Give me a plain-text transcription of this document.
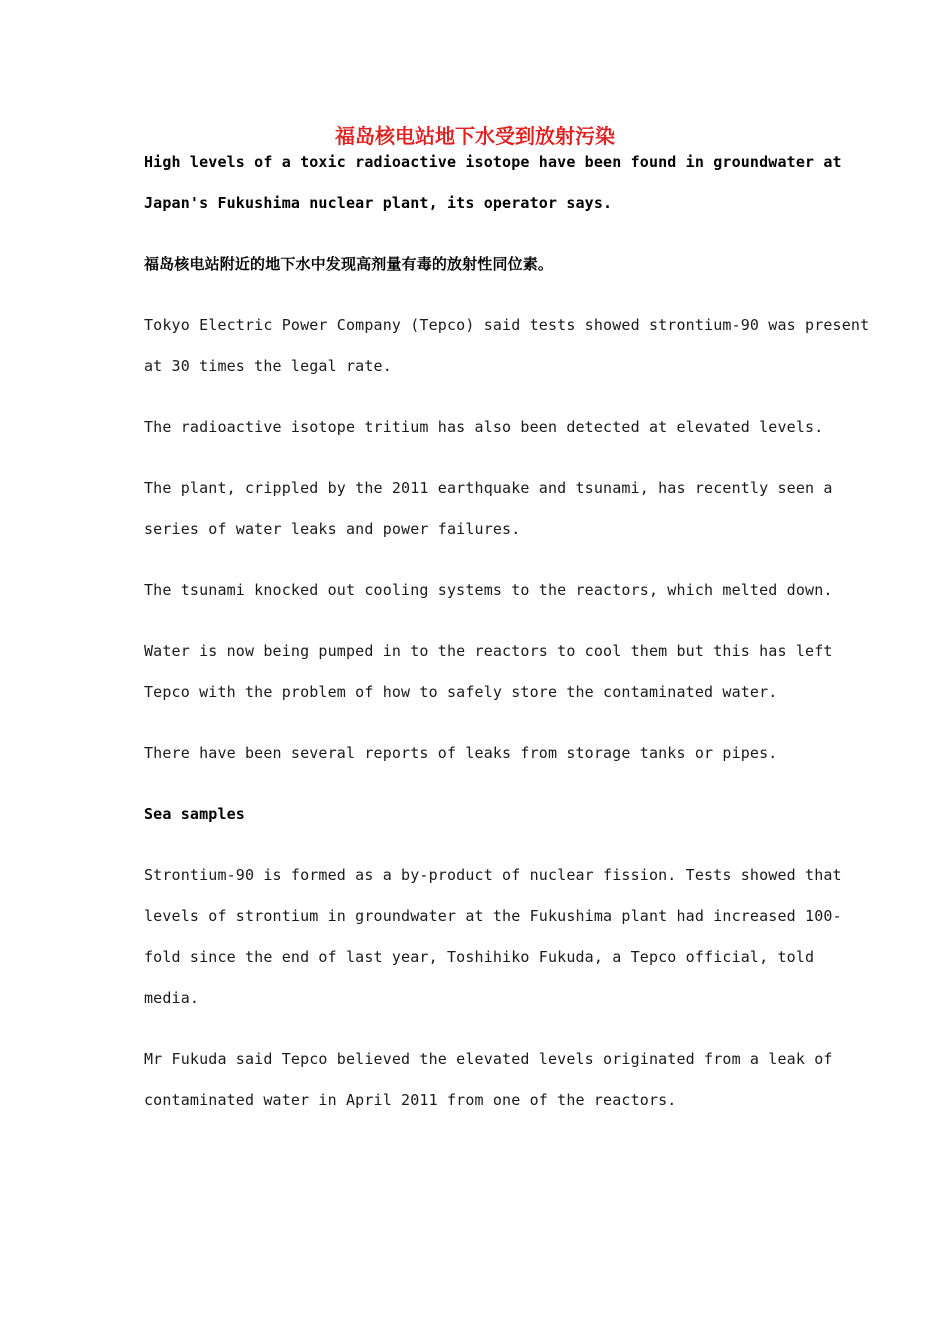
福岛核电站地下水受到放射污染
High levels of a toxic radioactive isotope have been found in groundwater at
Japan's Fukushima nuclear plant, its operator says.
福岛核电站附近的地下水中发现高剂量有毒的放射性同位素。
Tokyo Electric Power Company (Tepco) said tests showed strontium-90 was present
at 30 times the legal rate.
The radioactive isotope tritium has also been detected at elevated levels.
The plant, crippled by the 2011 earthquake and tsunami, has recently seen a
series of water leaks and power failures.
The tsunami knocked out cooling systems to the reactors, which melted down.
Water is now being pumped in to the reactors to cool them but this has left
Tepco with the problem of how to safely store the contaminated water.
There have been several reports of leaks from storage tanks or pipes.
Sea samples
Strontium-90 is formed as a by-product of nuclear fission. Tests showed that
levels of strontium in groundwater at the Fukushima plant had increased 100-
fold since the end of last year, Toshihiko Fukuda, a Tepco official, told
media.
Mr Fukuda said Tepco believed the elevated levels originated from a leak of
contaminated water in April 2011 from one of the reactors.
